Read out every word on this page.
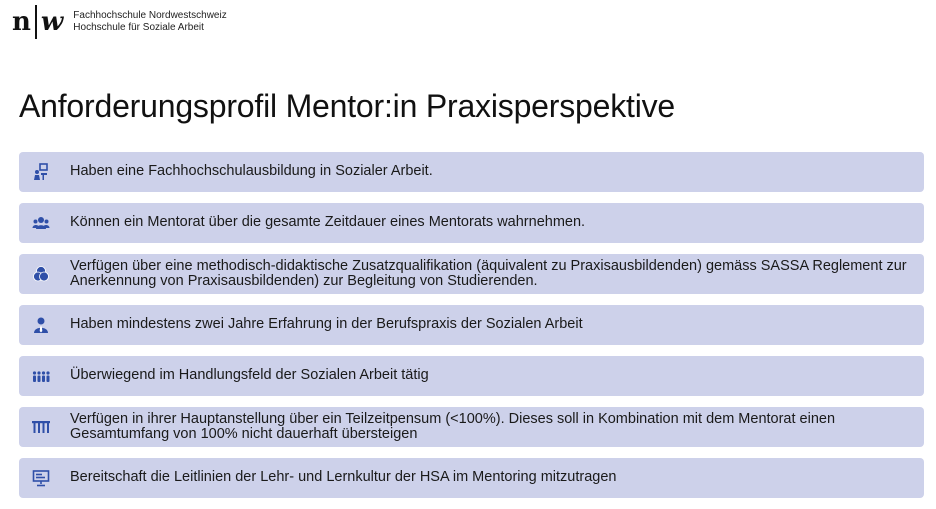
n w Fachhochschule Nordwestschweiz
Hochschule für Soziale Arbeit
Anforderungsprofil Mentor:in Praxisperspektive
Haben eine Fachhochschulausbildung in Sozialer Arbeit.
Können ein Mentorat über die gesamte Zeitdauer eines Mentorats wahrnehmen.
Verfügen über eine methodisch-didaktische Zusatzqualifikation (äquivalent zu Praxisausbildenden) gemäss SASSA Reglement zur Anerkennung von Praxisausbildenden) zur Begleitung von Studierenden.
Haben mindestens zwei Jahre Erfahrung in der Berufspraxis der Sozialen Arbeit
Überwiegend im Handlungsfeld der Sozialen Arbeit tätig
Verfügen in ihrer Hauptanstellung über ein Teilzeitpensum (<100%). Dieses soll in Kombination mit dem Mentorat einen Gesamtumfang von 100% nicht dauerhaft übersteigen
Bereitschaft die Leitlinien der Lehr- und Lernkultur der HSA im Mentoring mitzutragen
